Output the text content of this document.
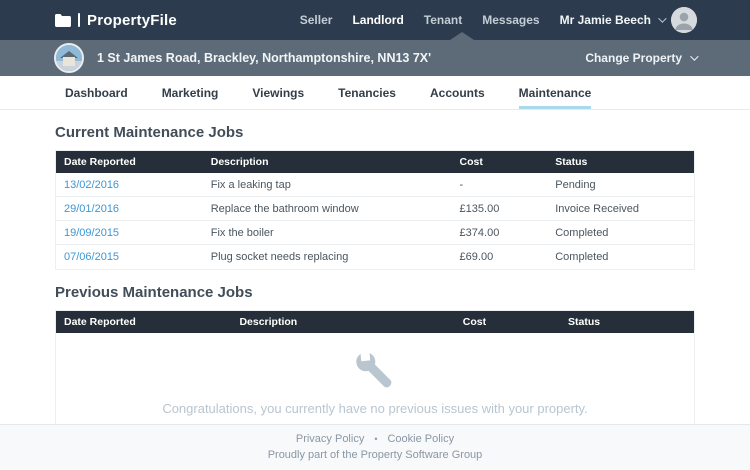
PropertyFile	Seller Landlord Tenant Messages Mr Jamie Beech
1 St James Road, Brackley, Northamptonshire, NN13 7X'	Change Property
Dashboard	Marketing	Viewings	Tenancies	Accounts	Maintenance
Current Maintenance Jobs
Date Reported	Description	Cost	Status
13/02/2016	Fix a leaking tap	-	Pending
29/01/2016	Replace the bathroom window	£135.00	Invoice Received
19/09/2015	Fix the boiler	£374.00	Completed
07/06/2015	Plug socket needs replacing	£69.00	Completed
Previous Maintenance Jobs
Date Reported	Description	Cost	Status

Congratulations, you currently have no previous issues with your property.
Privacy Policy • Cookie Policy
Proudly part of the Property Software Group
